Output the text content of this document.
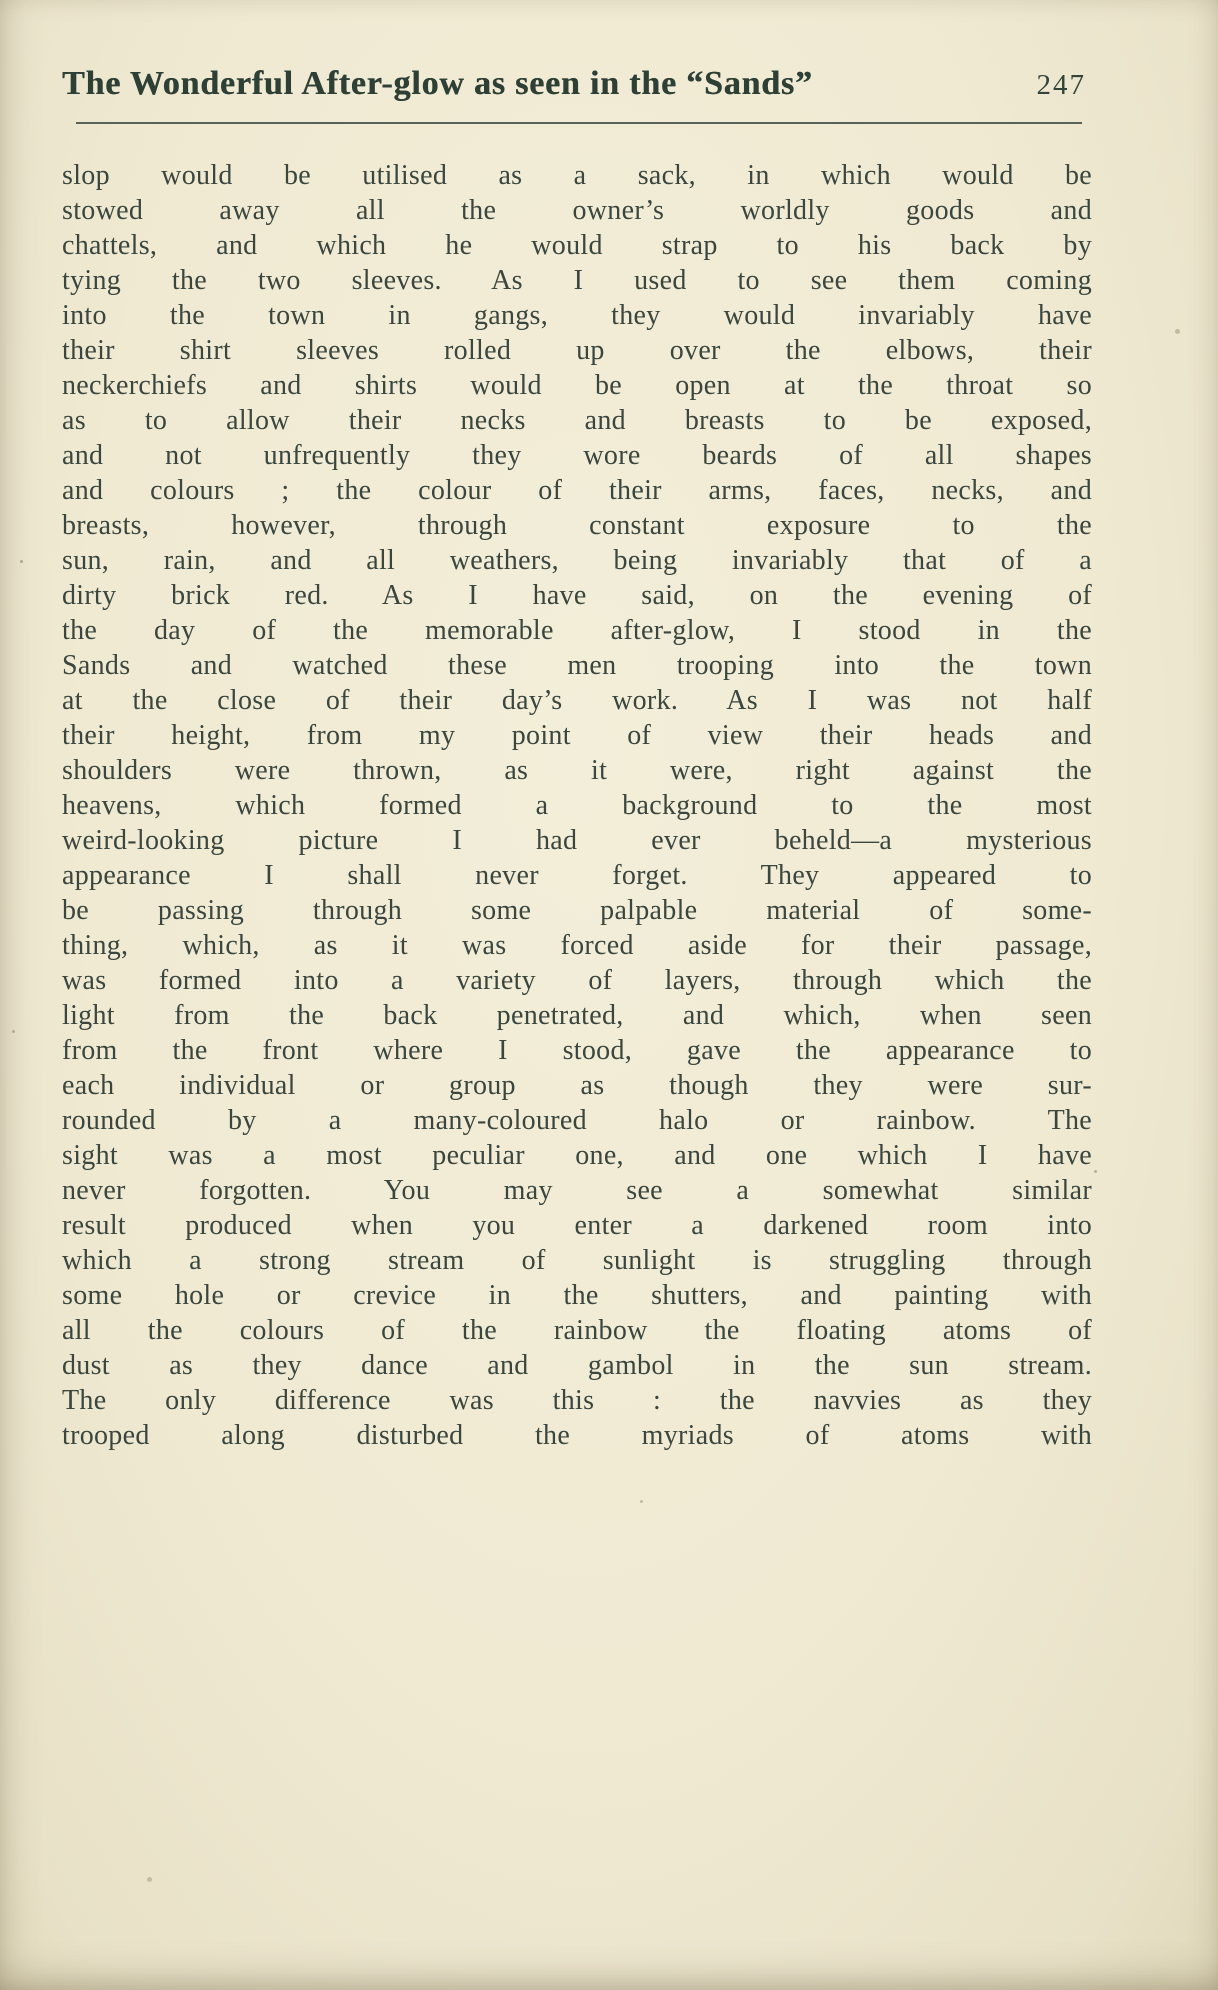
The Wonderful After-glow as seen in the “Sands”	247
slop would be utilised as a sack, in which would be
stowed away all the owner’s worldly goods and
chattels, and which he would strap to his back by
tying the two sleeves. As I used to see them coming
into the town in gangs, they would invariably have
their shirt sleeves rolled up over the elbows, their
neckerchiefs and shirts would be open at the throat so
as to allow their necks and breasts to be exposed,
and not unfrequently they wore beards of all shapes
and colours ; the colour of their arms, faces, necks, and
breasts, however, through constant exposure to the
sun, rain, and all weathers, being invariably that of a
dirty brick red. As I have said, on the evening of
the day of the memorable after-glow, I stood in the
Sands and watched these men trooping into the town
at the close of their day’s work. As I was not half
their height, from my point of view their heads and
shoulders were thrown, as it were, right against the
heavens, which formed a background to the most
weird-looking picture I had ever beheld—a mysterious
appearance I shall never forget. They appeared to
be passing through some palpable material of some-
thing, which, as it was forced aside for their passage,
was formed into a variety of layers, through which the
light from the back penetrated, and which, when seen
from the front where I stood, gave the appearance to
each individual or group as though they were sur-
rounded by a many-coloured halo or rainbow. The
sight was a most peculiar one, and one which I have
never forgotten. You may see a somewhat similar
result produced when you enter a darkened room into
which a strong stream of sunlight is struggling through
some hole or crevice in the shutters, and painting with
all the colours of the rainbow the floating atoms of
dust as they dance and gambol in the sun stream.
The only difference was this : the navvies as they
trooped along disturbed the myriads of atoms with
